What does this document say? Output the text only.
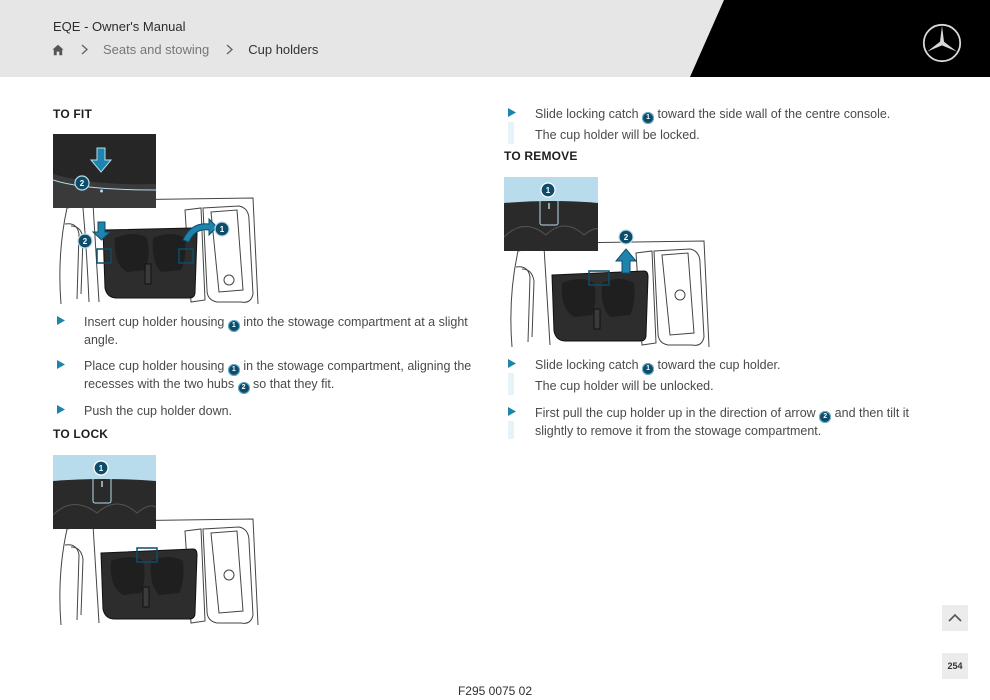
EQE - Owner's Manual
Seats and stowing	Cup holders
TO FIT
2
2
1
Insert cup holder housing 1 into the stowage compartment at a slight angle.
Place cup holder housing 1 in the stowage compartment, aligning the recesses with the two hubs 2 so that they fit.
Push the cup holder down.
TO LOCK
1
Slide locking catch 1 toward the side wall of the centre console.
The cup holder will be locked.
TO REMOVE
1
2
Slide locking catch 1 toward the cup holder.
The cup holder will be unlocked.
First pull the cup holder up in the direction of arrow 2 and then tilt it slightly to remove it from the stowage compartment.
F295 0075 02
254
